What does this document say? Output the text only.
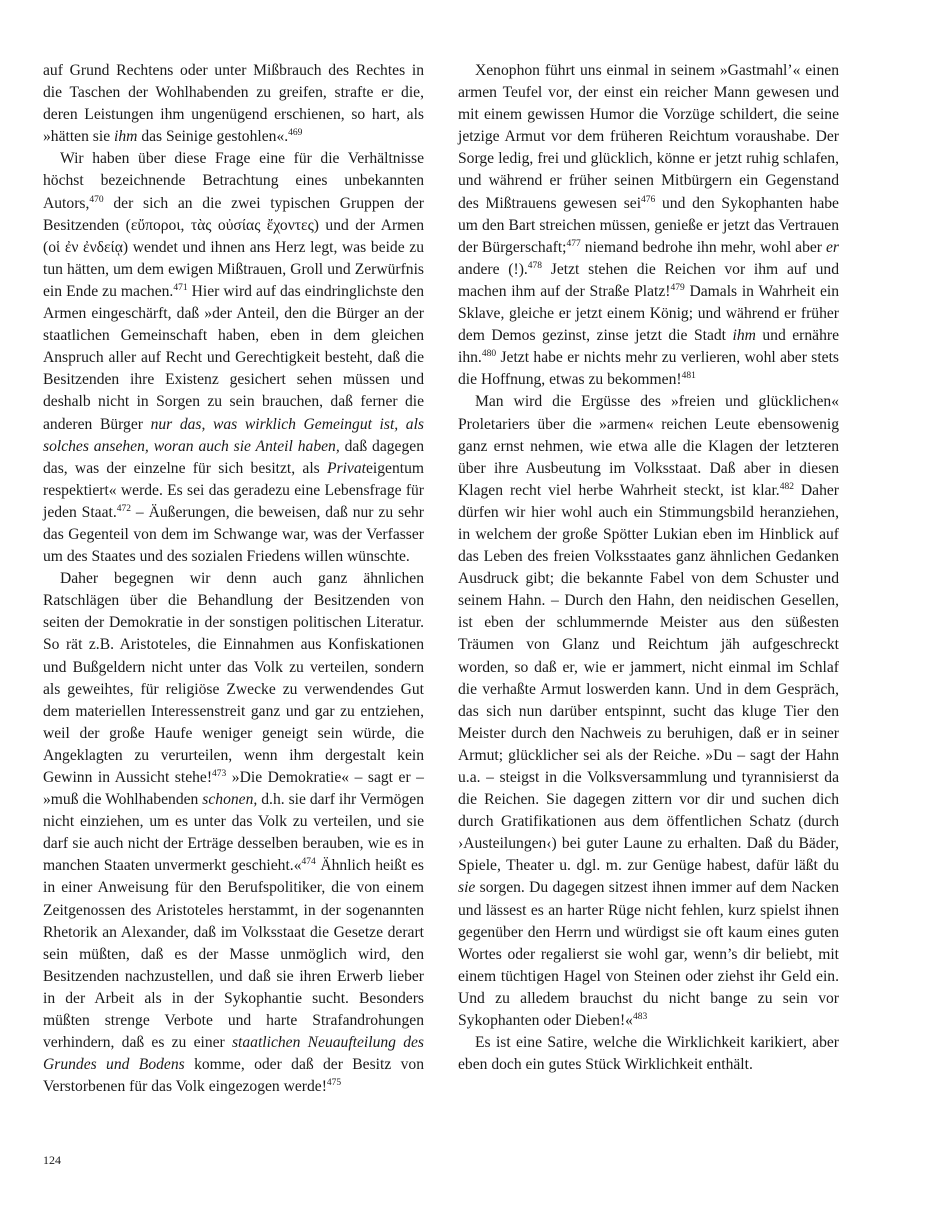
auf Grund Rechtens oder unter Mißbrauch des Rechtes in die Taschen der Wohlhabenden zu greifen, strafte er die, deren Leistungen ihm ungenügend erschienen, so hart, als »hätten sie ihm das Seinige gestohlen«.$^{469}$

Wir haben über diese Frage eine für die Verhältnisse höchst bezeichnende Betrachtung eines unbekannten Autors,$^{470}$ der sich an die zwei typischen Gruppen der Besitzenden (εὔποροι, τὰς οὐσίας ἔχοντες) und der Armen (οἱ ἐν ἐνδείᾳ) wendet und ihnen ans Herz legt, was beide zu tun hätten, um dem ewigen Mißtrauen, Groll und Zerwürfnis ein Ende zu machen.$^{471}$ Hier wird auf das eindringlichste den Armen eingeschärft, daß »der Anteil, den die Bürger an der staatlichen Gemeinschaft haben, eben in dem gleichen Anspruch aller auf Recht und Gerechtigkeit besteht, daß die Besitzenden ihre Existenz gesichert sehen müssen und deshalb nicht in Sorgen zu sein brauchen, daß ferner die anderen Bürger nur das, was wirklich Gemeingut ist, als solches ansehen, woran auch sie Anteil haben, daß dagegen das, was der einzelne für sich besitzt, als Privateigentum respektiert« werde. Es sei das geradezu eine Lebensfrage für jeden Staat.$^{472}$ – Äußerungen, die beweisen, daß nur zu sehr das Gegenteil von dem im Schwange war, was der Verfasser um des Staates und des sozialen Friedens willen wünschte.

Daher begegnen wir denn auch ganz ähnlichen Ratschlägen über die Behandlung der Besitzenden von seiten der Demokratie in der sonstigen politischen Literatur. So rät z.B. Aristoteles, die Einnahmen aus Konfiskationen und Bußgeldern nicht unter das Volk zu verteilen, sondern als geweihtes, für religiöse Zwecke zu verwendendes Gut dem materiellen Interessenstreit ganz und gar zu entziehen, weil der große Haufe weniger geneigt sein würde, die Angeklagten zu verurteilen, wenn ihm dergestalt kein Gewinn in Aussicht stehe!$^{473}$ »Die Demokratie« – sagt er – »muß die Wohlhabenden schonen, d.h. sie darf ihr Vermögen nicht einziehen, um es unter das Volk zu verteilen, und sie darf sie auch nicht der Erträge desselben berauben, wie es in manchen Staaten unvermerkt geschieht.«$^{474}$ Ähnlich heißt es in einer Anweisung für den Berufspolitiker, die von einem Zeitgenossen des Aristoteles herstammt, in der sogenannten Rhetorik an Alexander, daß im Volksstaat die Gesetze derart sein müßten, daß es der Masse unmöglich wird, den Besitzenden nachzustellen, und daß sie ihren Erwerb lieber in der Arbeit als in der Sykophantie sucht. Besonders müßten strenge Verbote und harte Strafandrohungen verhindern, daß es zu einer staatlichen Neuaufteilung des Grundes und Bodens komme, oder daß der Besitz von Verstorbenen für das Volk eingezogen werde!$^{475}$

Xenophon führt uns einmal in seinem »Gastmahl’« einen armen Teufel vor, der einst ein reicher Mann gewesen und mit einem gewissen Humor die Vorzüge schildert, die seine jetzige Armut vor dem früheren Reichtum voraushabe. Der Sorge ledig, frei und glücklich, könne er jetzt ruhig schlafen, und während er früher seinen Mitbürgern ein Gegenstand des Mißtrauens gewesen sei$^{476}$ und den Sykophanten habe um den Bart streichen müssen, genieße er jetzt das Vertrauen der Bürgerschaft;$^{477}$ niemand bedrohe ihn mehr, wohl aber er andere (!).$^{478}$ Jetzt stehen die Reichen vor ihm auf und machen ihm auf der Straße Platz!$^{479}$ Damals in Wahrheit ein Sklave, gleiche er jetzt einem König; und während er früher dem Demos gezinst, zinse jetzt die Stadt ihm und ernähre ihn.$^{480}$ Jetzt habe er nichts mehr zu verlieren, wohl aber stets die Hoffnung, etwas zu bekommen!$^{481}$

Man wird die Ergüsse des »freien und glücklichen« Proletariers über die »armen« reichen Leute ebensowenig ganz ernst nehmen, wie etwa alle die Klagen der letzteren über ihre Ausbeutung im Volksstaat. Daß aber in diesen Klagen recht viel herbe Wahrheit steckt, ist klar.$^{482}$ Daher dürfen wir hier wohl auch ein Stimmungsbild heranziehen, in welchem der große Spötter Lukian eben im Hinblick auf das Leben des freien Volksstaates ganz ähnlichen Gedanken Ausdruck gibt; die bekannte Fabel von dem Schuster und seinem Hahn. – Durch den Hahn, den neidischen Gesellen, ist eben der schlummernde Meister aus den süßesten Träumen von Glanz und Reichtum jäh aufgeschreckt worden, so daß er, wie er jammert, nicht einmal im Schlaf die verhaßte Armut loswerden kann. Und in dem Gespräch, das sich nun darüber entspinnt, sucht das kluge Tier den Meister durch den Nachweis zu beruhigen, daß er in seiner Armut; glücklicher sei als der Reiche. »Du – sagt der Hahn u.a. – steigst in die Volksversammlung und tyrannisierst da die Reichen. Sie dagegen zittern vor dir und suchen dich durch Gratifikationen aus dem öffentlichen Schatz (durch ›Austeilungen‹) bei guter Laune zu erhalten. Daß du Bäder, Spiele, Theater u. dgl. m. zur Genüge habest, dafür läßt du sie sorgen. Du dagegen sitzest ihnen immer auf dem Nacken und lässest es an harter Rüge nicht fehlen, kurz spielst ihnen gegenüber den Herrn und würdigst sie oft kaum eines guten Wortes oder regalierst sie wohl gar, wenn’s dir beliebt, mit einem tüchtigen Hagel von Steinen oder ziehst ihr Geld ein. Und zu alledem brauchst du nicht bange zu sein vor Sykophanten oder Dieben!«$^{483}$

Es ist eine Satire, welche die Wirklichkeit karikiert, aber eben doch ein gutes Stück Wirklichkeit enthält.

124
